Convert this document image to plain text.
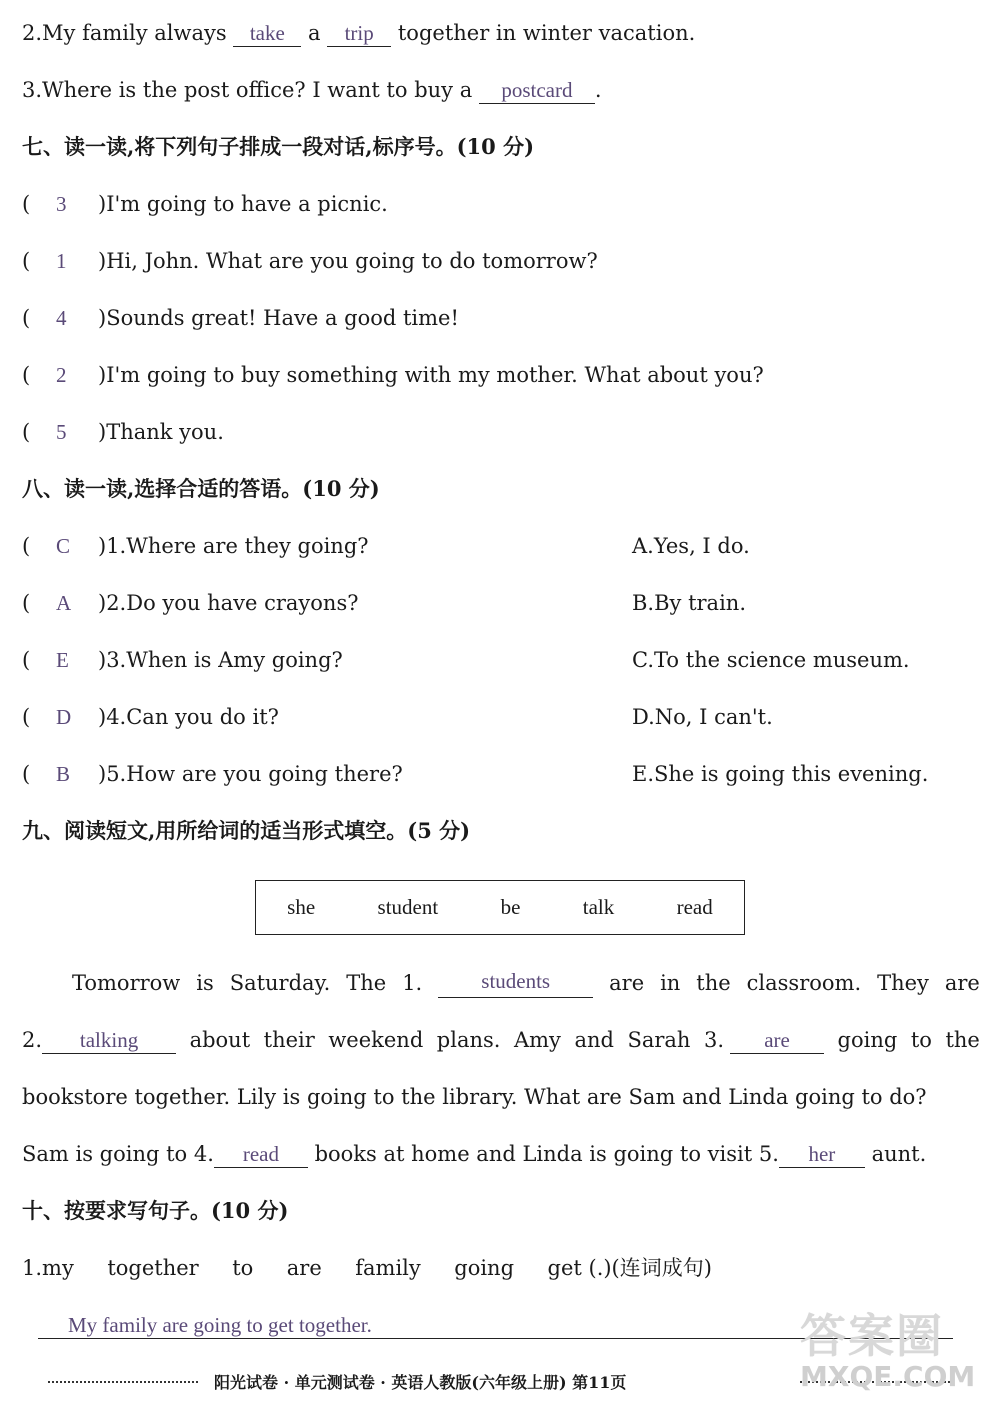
2.My family always take a trip together in winter vacation.
3.Where is the post office? I want to buy a postcard .
七、读一读,将下列句子排成一段对话,标序号。(10 分)
( 3 )I'm going to have a picnic.
( 1 )Hi, John. What are you going to do tomorrow?
( 4 )Sounds great! Have a good time!
( 2 )I'm going to buy something with my mother. What about you?
( 5 )Thank you.
八、读一读,选择合适的答语。(10 分)
( C )1.Where are they going?	A.Yes, I do.
( A )2.Do you have crayons?	B.By train.
( E )3.When is Amy going?	C.To the science museum.
( D )4.Can you do it?	D.No, I can't.
( B )5.How are you going there?	E.She is going this evening.
九、阅读短文,用所给词的适当形式填空。(5 分)
she	student	be	talk	read
Tomorrow is Saturday. The 1.	students	are in the classroom. They are
2. talking	about their weekend plans. Amy and Sarah 3. are	going to the
bookstore together. Lily is going to the library. What are Sam and Linda going to do?
Sam is going to 4. read books at home and Linda is going to visit 5. her aunt.
十、按要求写句子。(10 分)
1.my together to are family going get (.)(连词成句)
My family are going to get together.	答案圈
阳光试卷 · 单元测试卷 · 英语人教版(六年级上册) 第11页	MXQE.COM
